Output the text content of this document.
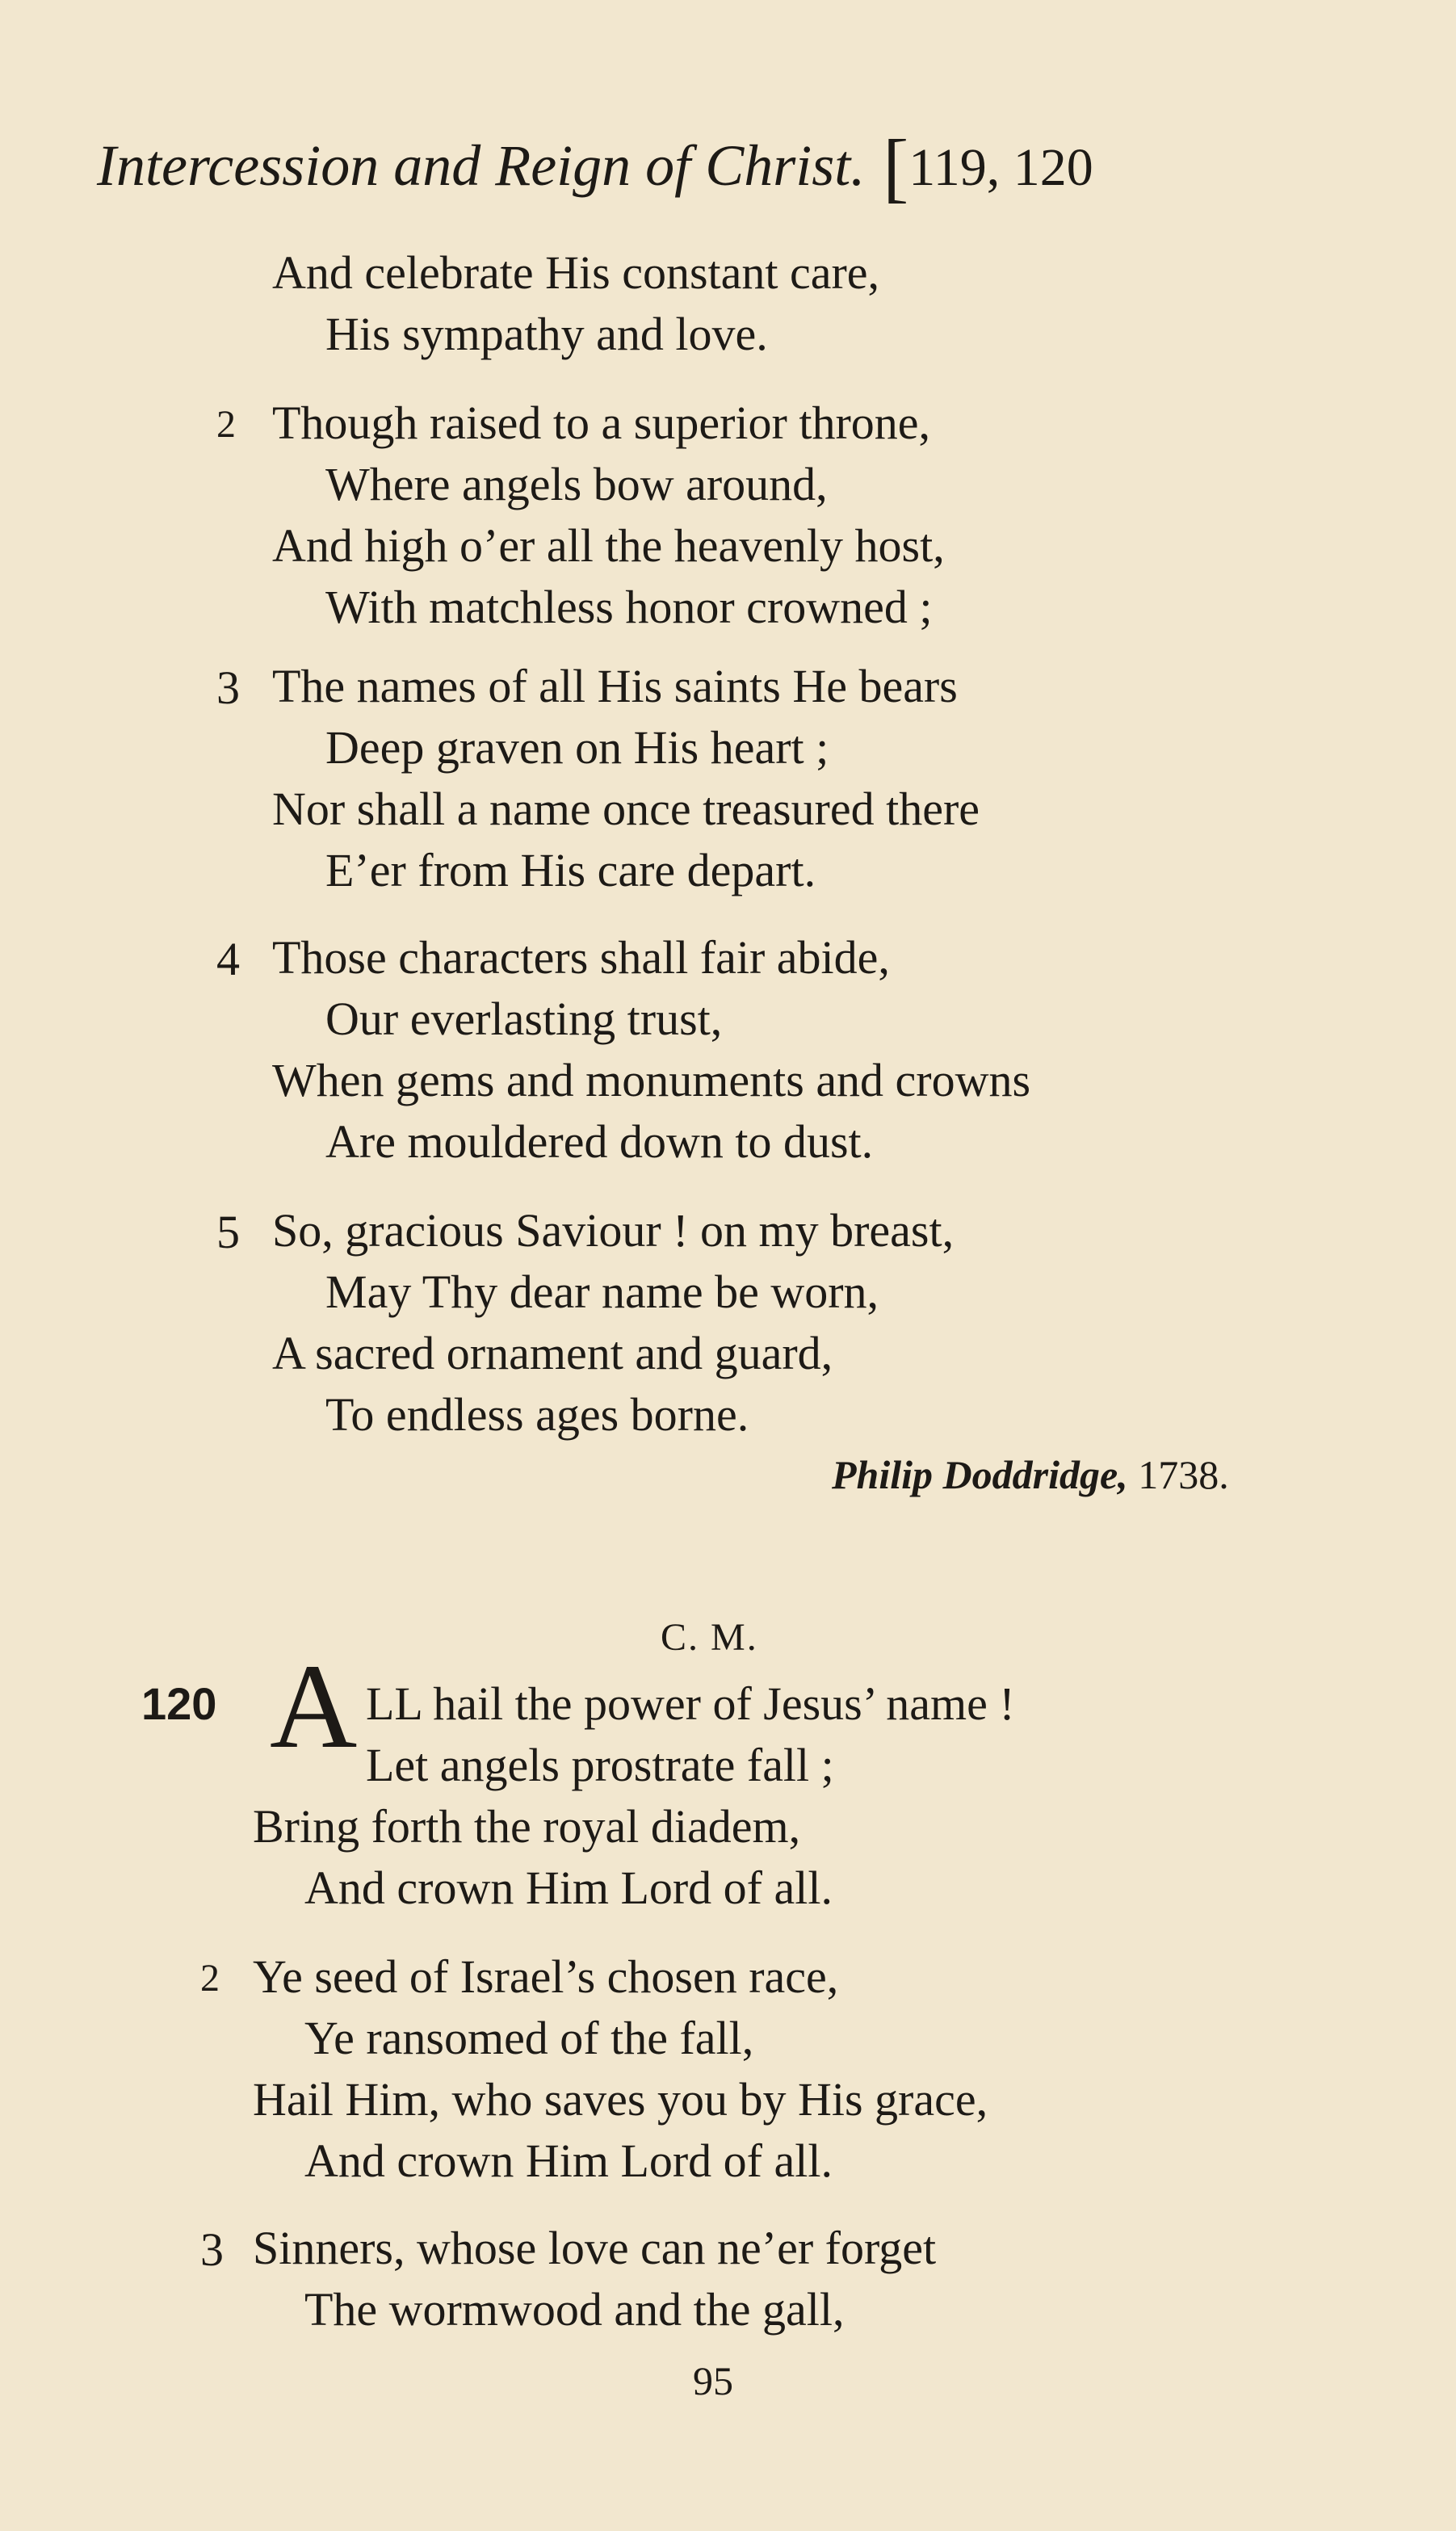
Intercession and Reign of Christ. [119, 120
And celebrate His constant care,
His sympathy and love.
2 Though raised to a superior throne,
Where angels bow around,
And high o’er all the heavenly host,
With matchless honor crowned ;
3 The names of all His saints He bears
Deep graven on His heart ;
Nor shall a name once treasured there
E’er from His care depart.
4 Those characters shall fair abide,
Our everlasting trust,
When gems and monuments and crowns
Are mouldered down to dust.
5 So, gracious Saviour ! on my breast,
May Thy dear name be worn,
A sacred ornament and guard,
To endless ages borne.
Philip Doddridge, 1738.
C. M.
120 A LL hail the power of Jesus’ name !
Let angels prostrate fall ;
Bring forth the royal diadem,
And crown Him Lord of all.
2 Ye seed of Israel’s chosen race,
Ye ransomed of the fall,
Hail Him, who saves you by His grace,
And crown Him Lord of all.
3 Sinners, whose love can ne’er forget
The wormwood and the gall,
95
